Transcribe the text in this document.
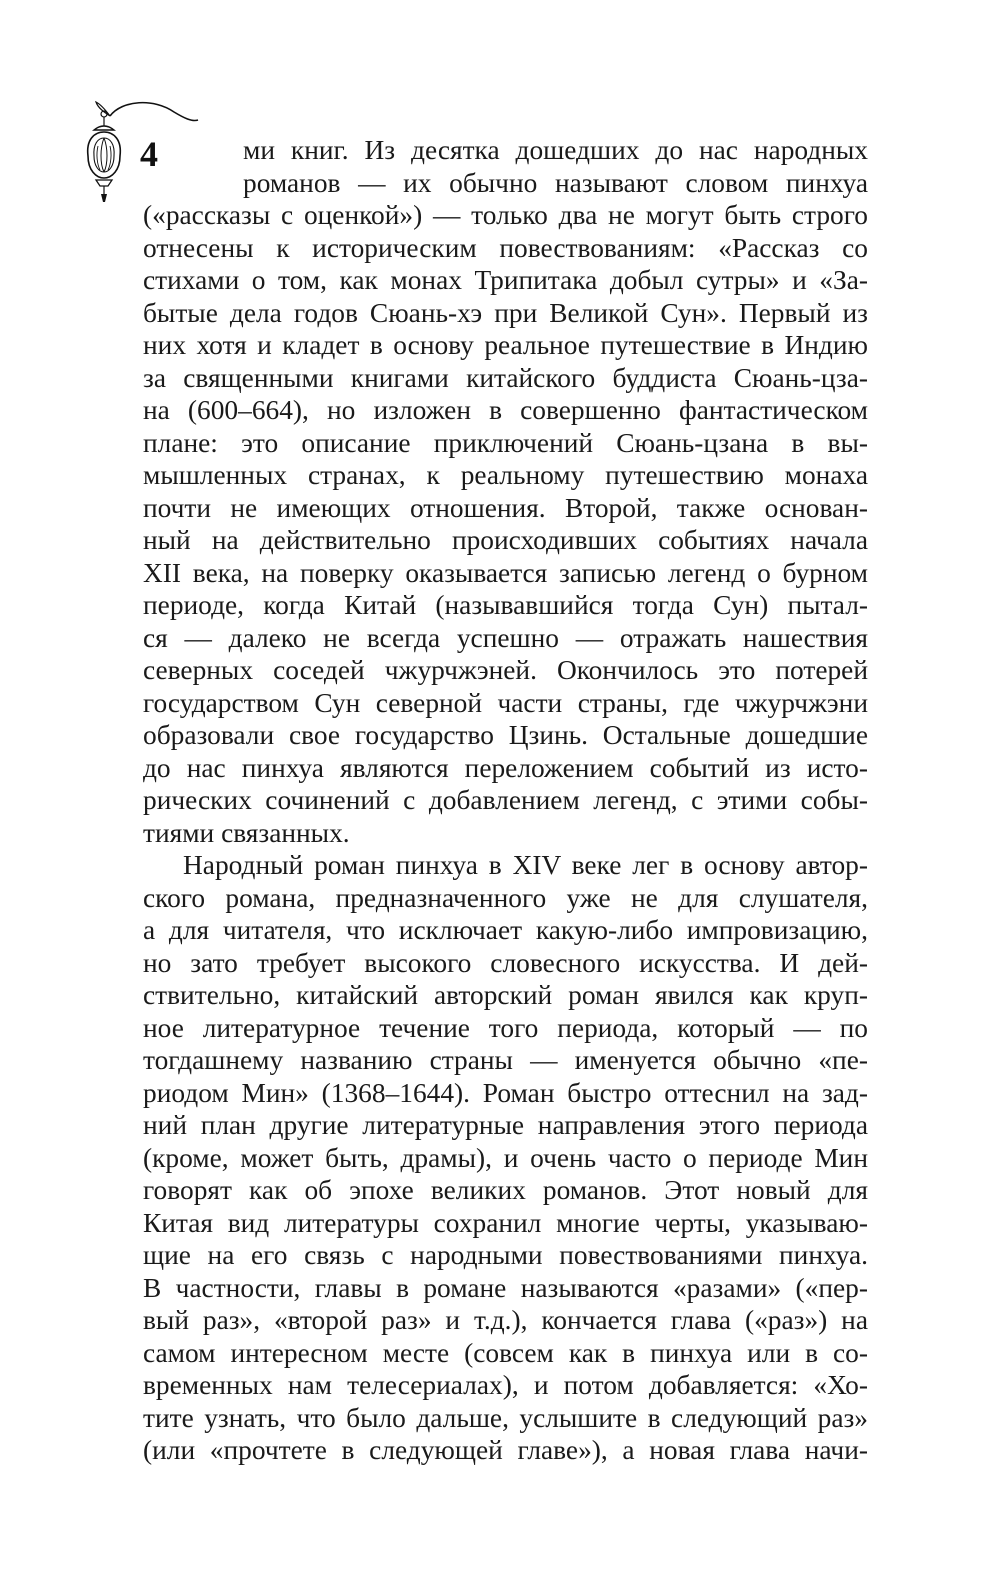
4	ми книг. Из десятка дошедших до нас народных
романов — их обычно называют словом пинхуа
(«рассказы с оценкой») — только два не могут быть строго
отнесены к историческим повествованиям: «Рассказ со
стихами о том, как монах Трипитака добыл сутры» и «За-
бытые дела годов Сюань-хэ при Великой Сун». Первый из
них хотя и кладет в основу реальное путешествие в Индию
за священными книгами китайского буддиста Сюань-цза-
на (600–664), но изложен в совершенно фантастическом
плане: это описание приключений Сюань-цзана в вы-
мышленных странах, к реальному путешествию монаха
почти не имеющих отношения. Второй, также основан-
ный на действительно происходивших событиях начала
XII века, на поверку оказывается записью легенд о бурном
периоде, когда Китай (называвшийся тогда Сун) пытал-
ся — далеко не всегда успешно — отражать нашествия
северных соседей чжурчжэней. Окончилось это потерей
государством Сун северной части страны, где чжурчжэни
образовали свое государство Цзинь. Остальные дошедшие
до нас пинхуа являются переложением событий из исто-
рических сочинений с добавлением легенд, с этими собы-
тиями связанных.
Народный роман пинхуа в XIV веке лег в основу автор-
ского романа, предназначенного уже не для слушателя,
а для читателя, что исключает какую-либо импровизацию,
но зато требует высокого словесного искусства. И дей-
ствительно, китайский авторский роман явился как круп-
ное литературное течение того периода, который — по
тогдашнему названию страны — именуется обычно «пе-
риодом Мин» (1368–1644). Роман быстро оттеснил на зад-
ний план другие литературные направления этого периода
(кроме, может быть, драмы), и очень часто о периоде Мин
говорят как об эпохе великих романов. Этот новый для
Китая вид литературы сохранил многие черты, указываю-
щие на его связь с народными повествованиями пинхуа.
В частности, главы в романе называются «разами» («пер-
вый раз», «второй раз» и т.д.), кончается глава («раз») на
самом интересном месте (совсем как в пинхуа или в со-
временных нам телесериалах), и потом добавляется: «Хо-
тите узнать, что было дальше, услышите в следующий раз»
(или «прочтете в следующей главе»), а новая глава начи-
